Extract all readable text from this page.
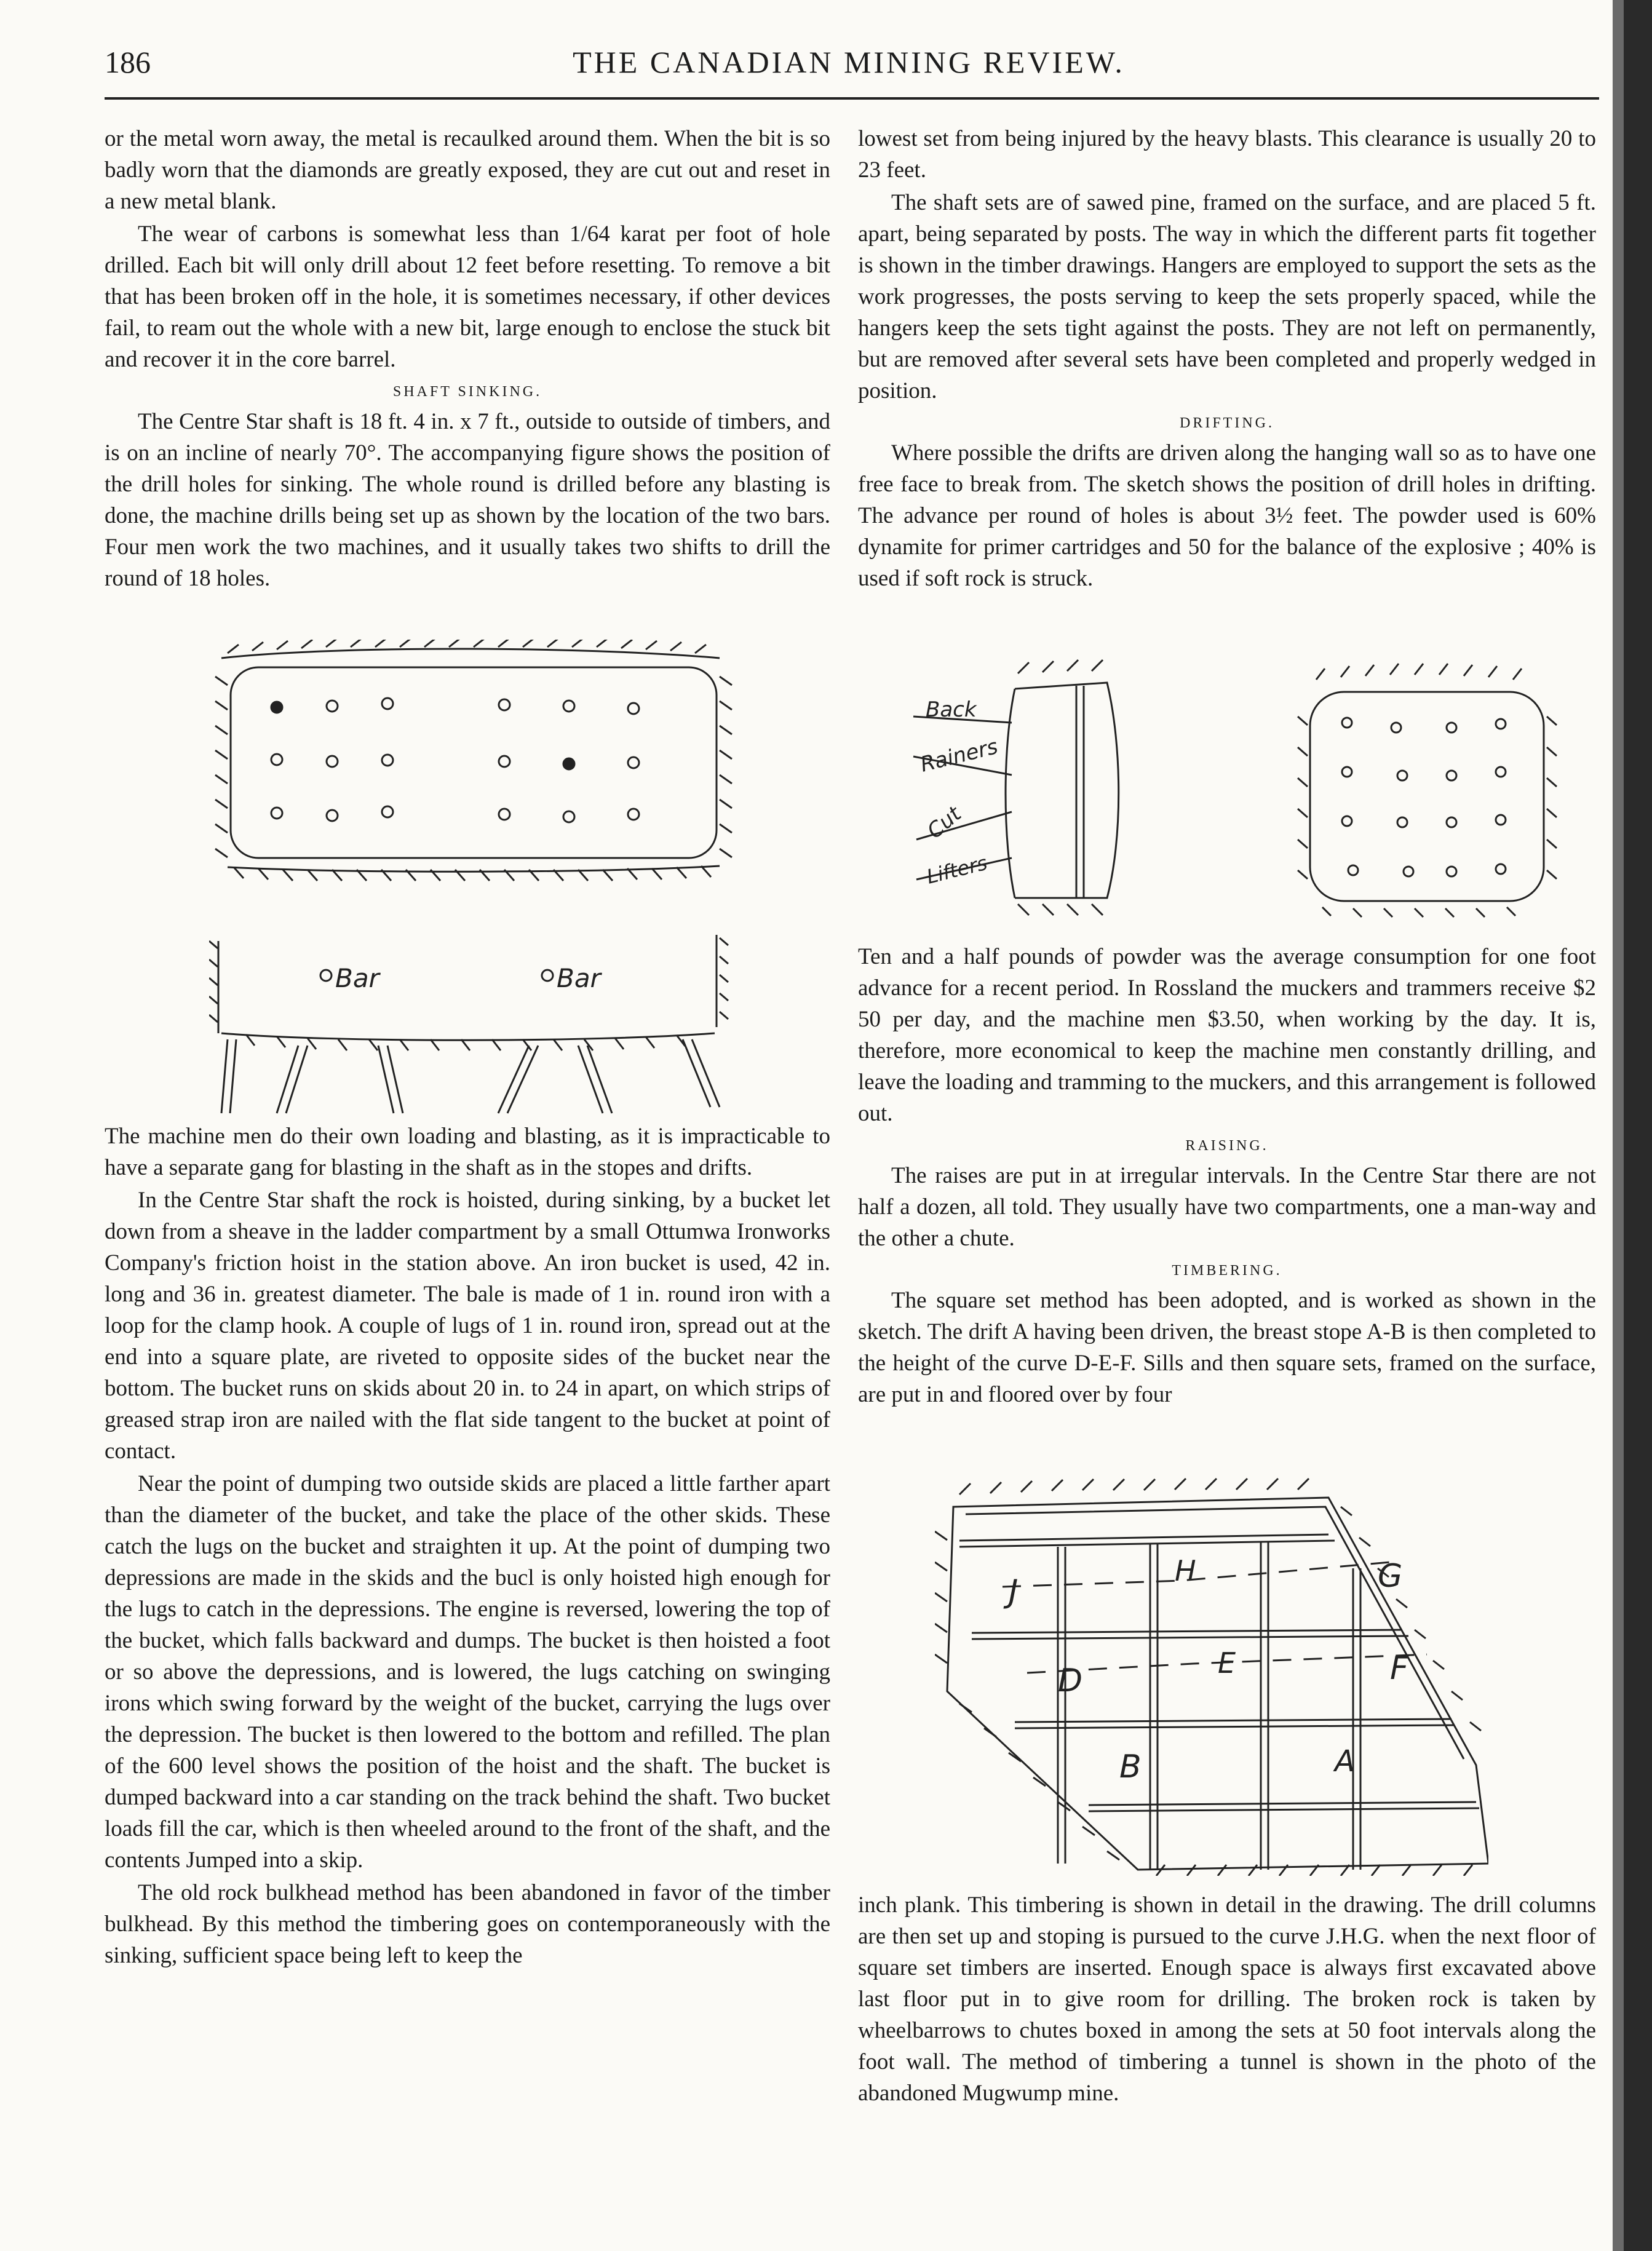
186	THE CANADIAN MINING REVIEW.

or the metal worn away, the metal is recaulked around them. When the bit is so badly worn that the diamonds are greatly exposed, they are cut out and reset in a new metal blank.

The wear of carbons is somewhat less than 1/64 karat per foot of hole drilled. Each bit will only drill about 12 feet before resetting. To remove a bit that has been broken off in the hole, it is sometimes necessary, if other devices fail, to ream out the whole with a new bit, large enough to enclose the stuck bit and recover it in the core barrel.

SHAFT SINKING.

The Centre Star shaft is 18 ft. 4 in. x 7 ft., outside to outside of timbers, and is on an incline of nearly 70°. The accompanying figure shows the position of the drill holes for sinking. The whole round is drilled before any blasting is done, the machine drills being set up as shown by the location of the two bars. Four men work the two machines, and it usually takes two shifts to drill the round of 18 holes.

Bar	Bar

The machine men do their own loading and blasting, as it is impracticable to have a separate gang for blasting in the shaft as in the stopes and drifts.

In the Centre Star shaft the rock is hoisted, during sinking, by a bucket let down from a sheave in the ladder compartment by a small Ottumwa Ironworks Company's friction hoist in the station above. An iron bucket is used, 42 in. long and 36 in. greatest diameter. The bale is made of 1 in. round iron with a loop for the clamp hook. A couple of lugs of 1 in. round iron, spread out at the end into a square plate, are riveted to opposite sides of the bucket near the bottom. The bucket runs on skids about 20 in. to 24 in apart, on which strips of greased strap iron are nailed with the flat side tangent to the bucket at point of contact.

Near the point of dumping two outside skids are placed a little farther apart than the diameter of the bucket, and take the place of the other skids. These catch the lugs on the bucket and straighten it up. At the point of dumping two depressions are made in the skids and the bucl is only hoisted high enough for the lugs to catch in the depressions. The engine is reversed, lowering the top of the bucket, which falls backward and dumps. The bucket is then hoisted a foot or so above the depressions, and is lowered, the lugs catching on swinging irons which swing forward by the weight of the bucket, carrying the lugs over the depression. The bucket is then lowered to the bottom and refilled. The plan of the 600 level shows the position of the hoist and the shaft. The bucket is dumped backward into a car standing on the track behind the shaft. Two bucket loads fill the car, which is then wheeled around to the front of the shaft, and the contents Jumped into a skip.

The old rock bulkhead method has been abandoned in favor of the timber bulkhead. By this method the timbering goes on contemporaneously with the sinking, sufficient space being left to keep the

lowest set from being injured by the heavy blasts. This clearance is usually 20 to 23 feet.

The shaft sets are of sawed pine, framed on the surface, and are placed 5 ft. apart, being separated by posts. The way in which the different parts fit together is shown in the timber drawings. Hangers are employed to support the sets as the work progresses, the posts serving to keep the sets properly spaced, while the hangers keep the sets tight against the posts. They are not left on permanently, but are removed after several sets have been completed and properly wedged in position.

DRIFTING.

Where possible the drifts are driven along the hanging wall so as to have one free face to break from. The sketch shows the position of drill holes in drifting. The advance per round of holes is about 3½ feet. The powder used is 60% dynamite for primer cartridges and 50 for the balance of the explosive ; 40% is used if soft rock is struck.

Back
Rainers
Cut
Lifters

Ten and a half pounds of powder was the average consumption for one foot advance for a recent period. In Rossland the muckers and trammers receive $2 50 per day, and the machine men $3.50, when working by the day. It is, therefore, more economical to keep the machine men constantly drilling, and leave the loading and tramming to the muckers, and this arrangement is followed out.

RAISING.

The raises are put in at irregular intervals. In the Centre Star there are not half a dozen, all told. They usually have two compartments, one a man-way and the other a chute.

TIMBERING.

The square set method has been adopted, and is worked as shown in the sketch. The drift A having been driven, the breast stope A-B is then completed to the height of the curve D-E-F. Sills and then square sets, framed on the surface, are put in and floored over by four

J
H	G
D	E	F
B	A

inch plank. This timbering is shown in detail in the drawing. The drill columns are then set up and stoping is pursued to the curve J.H.G. when the next floor of square set timbers are inserted. Enough space is always first excavated above last floor put in to give room for drilling. The broken rock is taken by wheelbarrows to chutes boxed in among the sets at 50 foot intervals along the foot wall. The method of timbering a tunnel is shown in the photo of the abandoned Mugwump mine.
